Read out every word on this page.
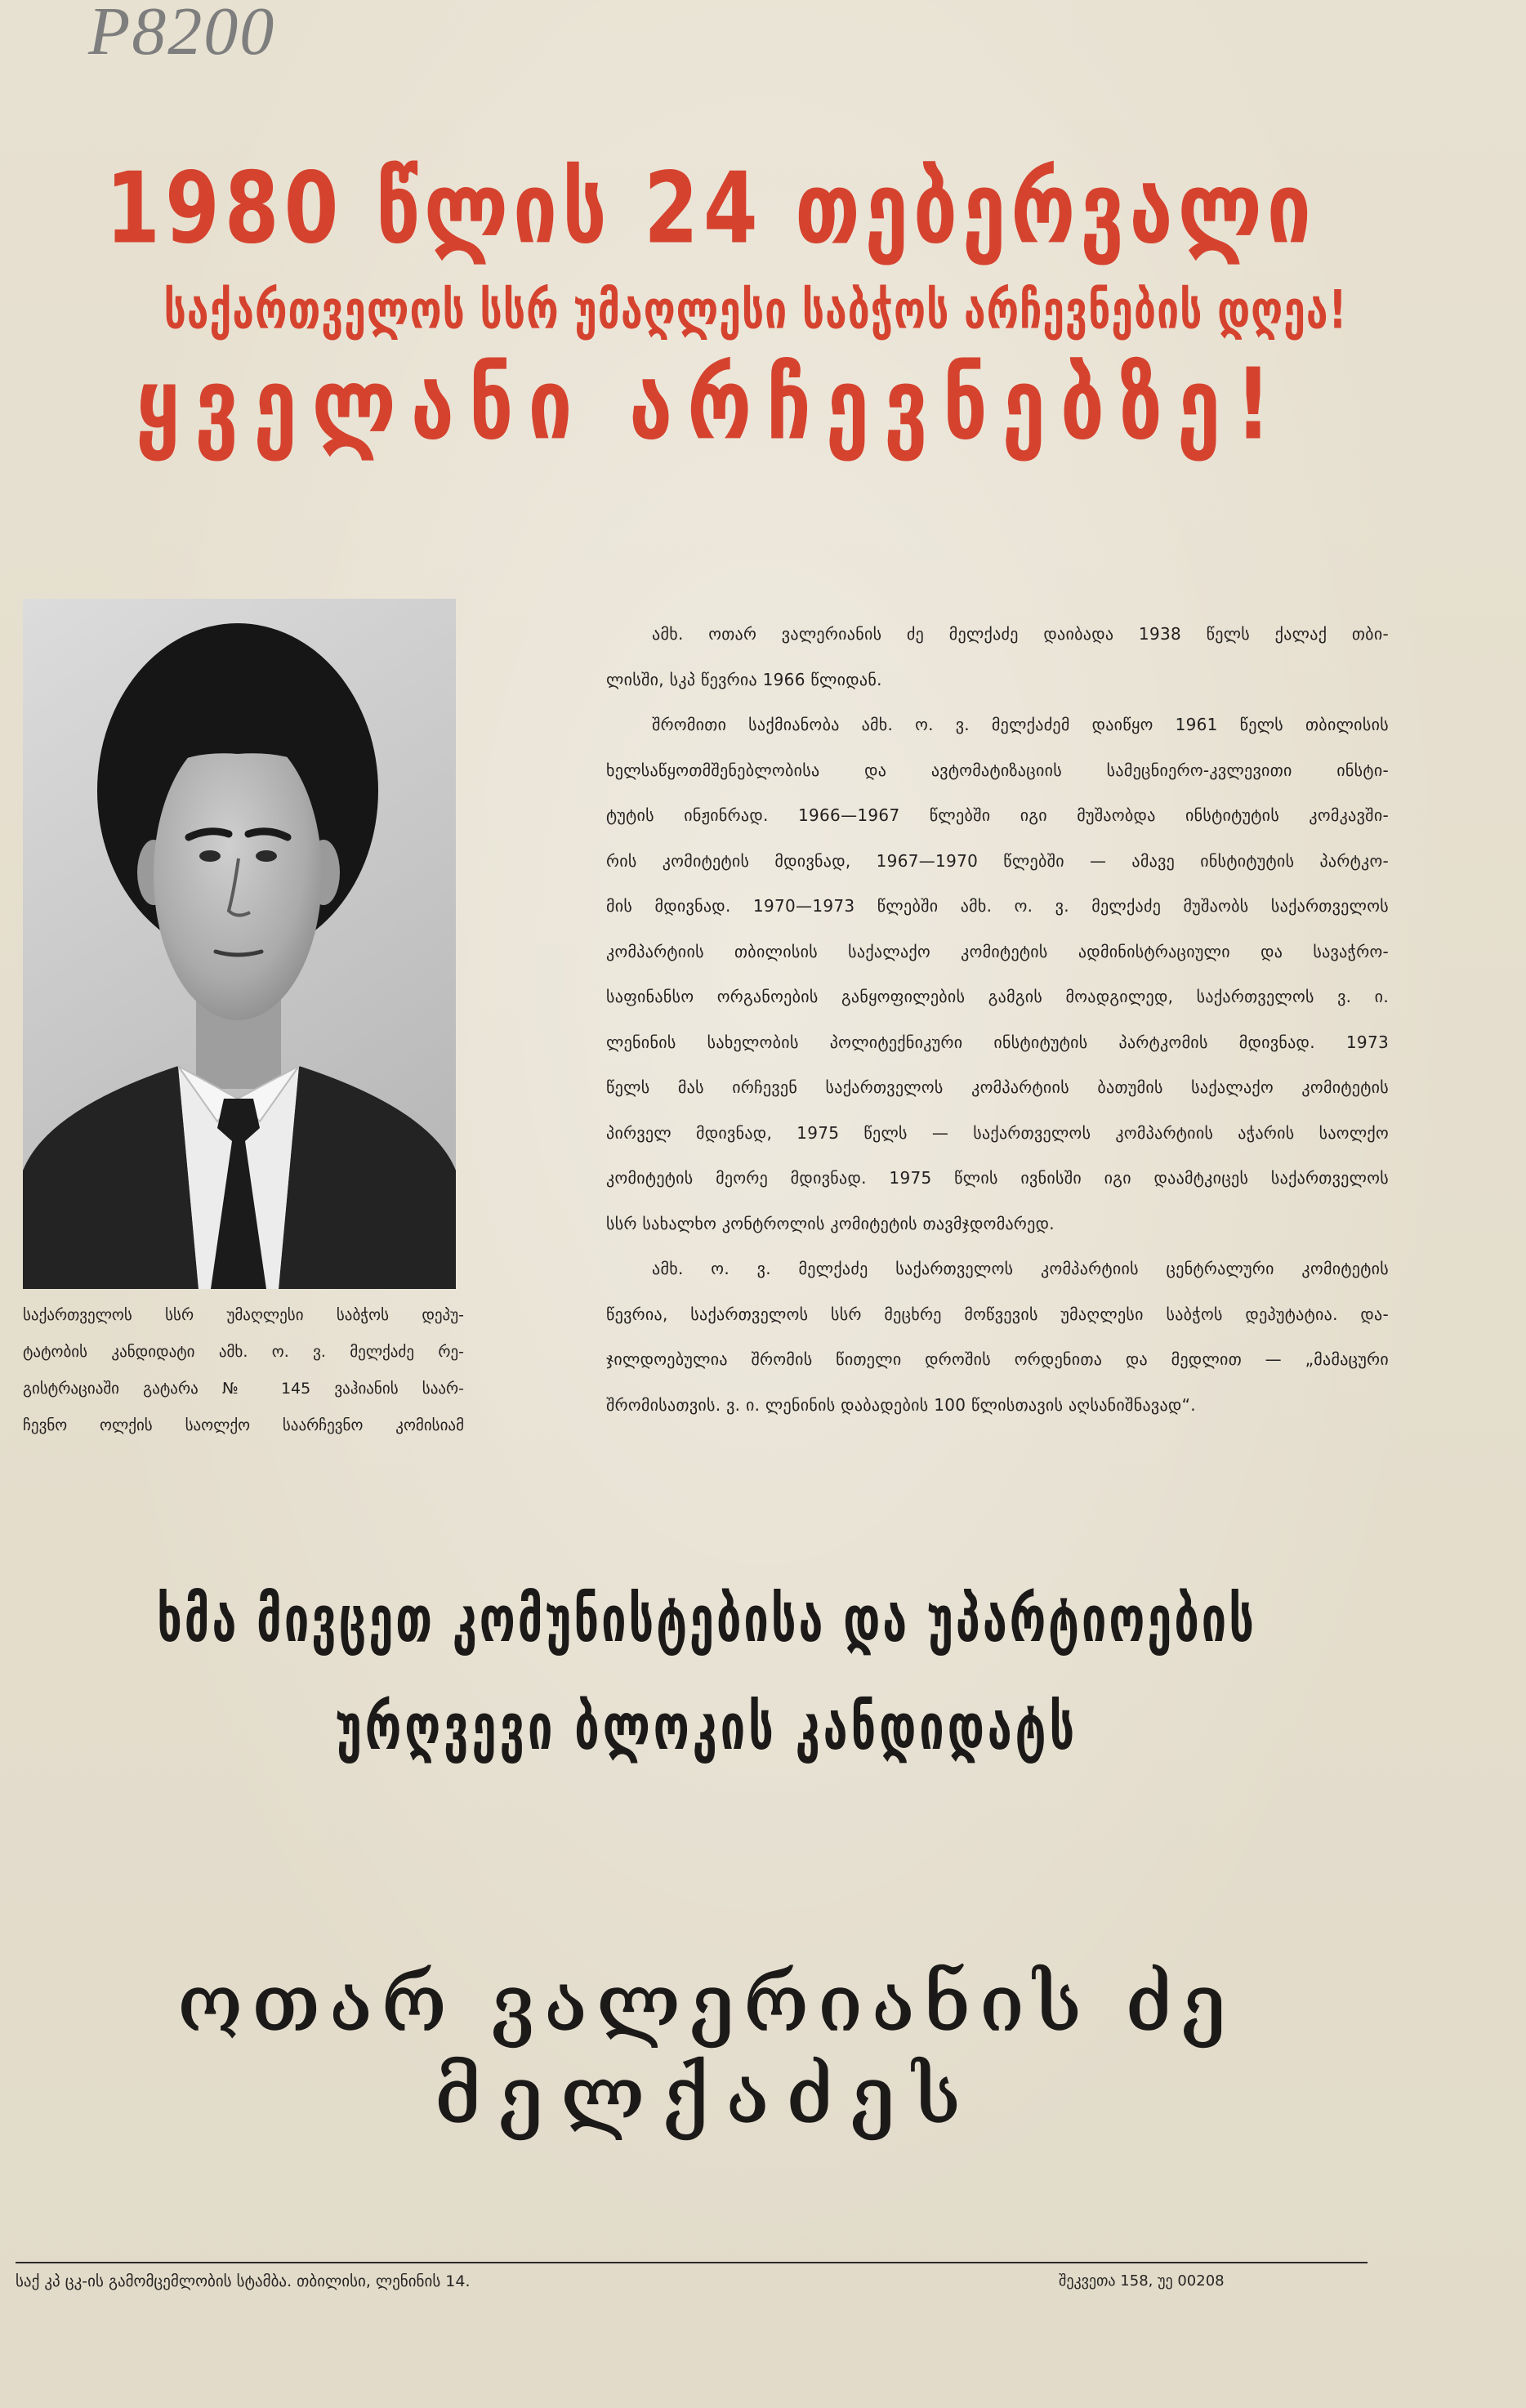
P8200
1980 წლის 24 თებერვალი
საქართველოს სსრ უმაღლესი საბჭოს არჩევნების დღეა!
ყველანი არჩევნებზე!
საქართველოს სსრ უმაღლესი საბჭოს დეპუ-
ტატობის კანდიდატი ამხ. ო. ვ. მელქაძე რე-
გისტრაციაში გატარა № 145 ვაჰიანის საარ-
ჩევნო ოლქის საოლქო საარჩევნო კომისიამ
ამხ. ოთარ ვალერიანის ძე მელქაძე დაიბადა 1938 წელს ქალაქ თბი-
ლისში, სკპ წევრია 1966 წლიდან.
შრომითი საქმიანობა ამხ. ო. ვ. მელქაძემ დაიწყო 1961 წელს თბილისის
ხელსაწყოთმშენებლობისა და ავტომატიზაციის სამეცნიერო-კვლევითი ინსტი-
ტუტის ინჟინრად. 1966—1967 წლებში იგი მუშაობდა ინსტიტუტის კომკავში-
რის კომიტეტის მდივნად, 1967—1970 წლებში — ამავე ინსტიტუტის პარტკო-
მის მდივნად. 1970—1973 წლებში ამხ. ო. ვ. მელქაძე მუშაობს საქართველოს
კომპარტიის თბილისის საქალაქო კომიტეტის ადმინისტრაციული და სავაჭრო-
საფინანსო ორგანოების განყოფილების გამგის მოადგილედ, საქართველოს ვ. ი.
ლენინის სახელობის პოლიტექნიკური ინსტიტუტის პარტკომის მდივნად. 1973
წელს მას ირჩევენ საქართველოს კომპარტიის ბათუმის საქალაქო კომიტეტის
პირველ მდივნად, 1975 წელს — საქართველოს კომპარტიის აჭარის საოლქო
კომიტეტის მეორე მდივნად. 1975 წლის ივნისში იგი დაამტკიცეს საქართველოს
სსრ სახალხო კონტროლის კომიტეტის თავმჯდომარედ.
ამხ. ო. ვ. მელქაძე საქართველოს კომპარტიის ცენტრალური კომიტეტის
წევრია, საქართველოს სსრ მეცხრე მოწვევის უმაღლესი საბჭოს დეპუტატია. და-
ჯილდოებულია შრომის წითელი დროშის ორდენითა და მედლით — „მამაცური
შრომისათვის. ვ. ი. ლენინის დაბადების 100 წლისთავის აღსანიშნავად“.
ხმა მივცეთ კომუნისტებისა და უპარტიოების
ურღვევი ბლოკის კანდიდატს
ოთარ ვალერიანის ძე
მელქაძეს
საქ კპ ცკ-ის გამომცემლობის სტამბა. თბილისი, ლენინის 14.	შეკვეთა 158, უე 00208
